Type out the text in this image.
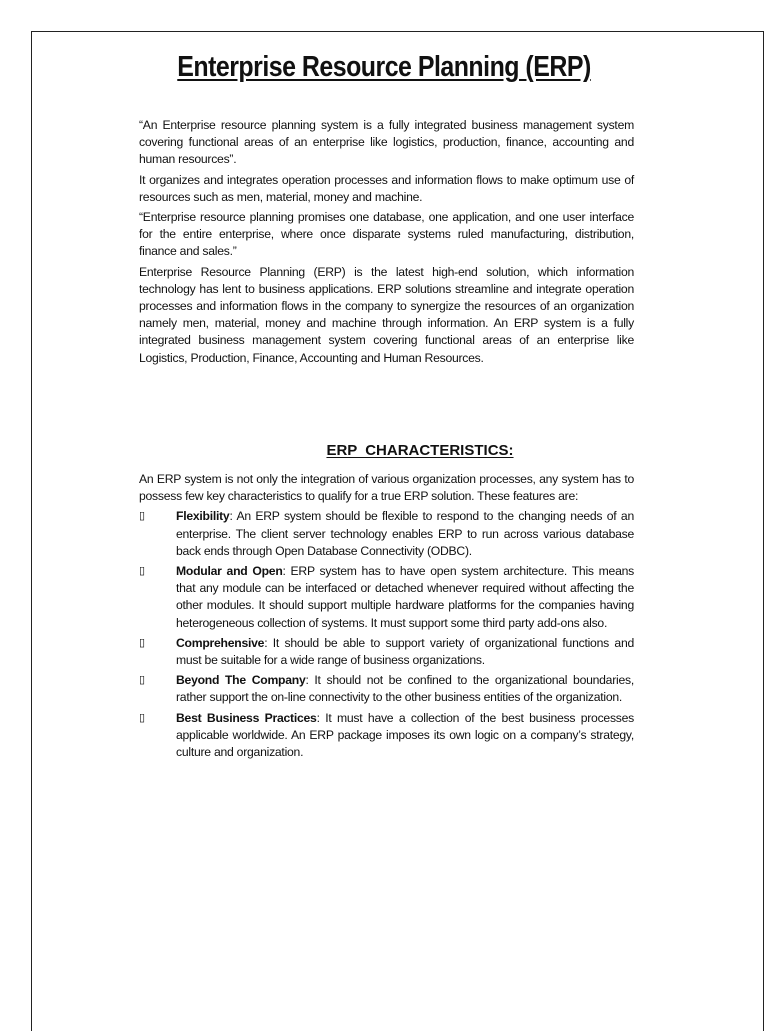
Enterprise Resource Planning (ERP)

“An Enterprise resource planning system is a fully integrated business management system covering functional areas of an enterprise like logistics, production, finance, accounting and human resources”.

It organizes and integrates operation processes and information flows to make optimum use of resources such as men, material, money and machine.

“Enterprise resource planning promises one database, one application, and one user interface for the entire enterprise, where once disparate systems ruled manufacturing, distribution, finance and sales.”

Enterprise Resource Planning (ERP) is the latest high-end solution, which information technology has lent to business applications. ERP solutions streamline and integrate operation processes and information flows in the company to synergize the resources of an organization namely men, material, money and machine through information. An ERP system is a fully integrated business management system covering functional areas of an enterprise like Logistics, Production, Finance, Accounting and Human Resources.

ERP CHARACTERISTICS:

An ERP system is not only the integration of various organization processes, any system has to possess few key characteristics to qualify for a true ERP solution. These features are:

▯	Flexibility: An ERP system should be flexible to respond to the changing needs of an enterprise. The client server technology enables ERP to run across various database back ends through Open Database Connectivity (ODBC).
▯	Modular and Open: ERP system has to have open system architecture. This means that any module can be interfaced or detached whenever required without affecting the other modules. It should support multiple hardware platforms for the companies having heterogeneous collection of systems. It must support some third party add-ons also.
▯	Comprehensive: It should be able to support variety of organizational functions and must be suitable for a wide range of business organizations.
▯	Beyond The Company: It should not be confined to the organizational boundaries, rather support the on-line connectivity to the other business entities of the organization.
▯	Best Business Practices: It must have a collection of the best business processes applicable worldwide. An ERP package imposes its own logic on a company’s strategy, culture and organization.
